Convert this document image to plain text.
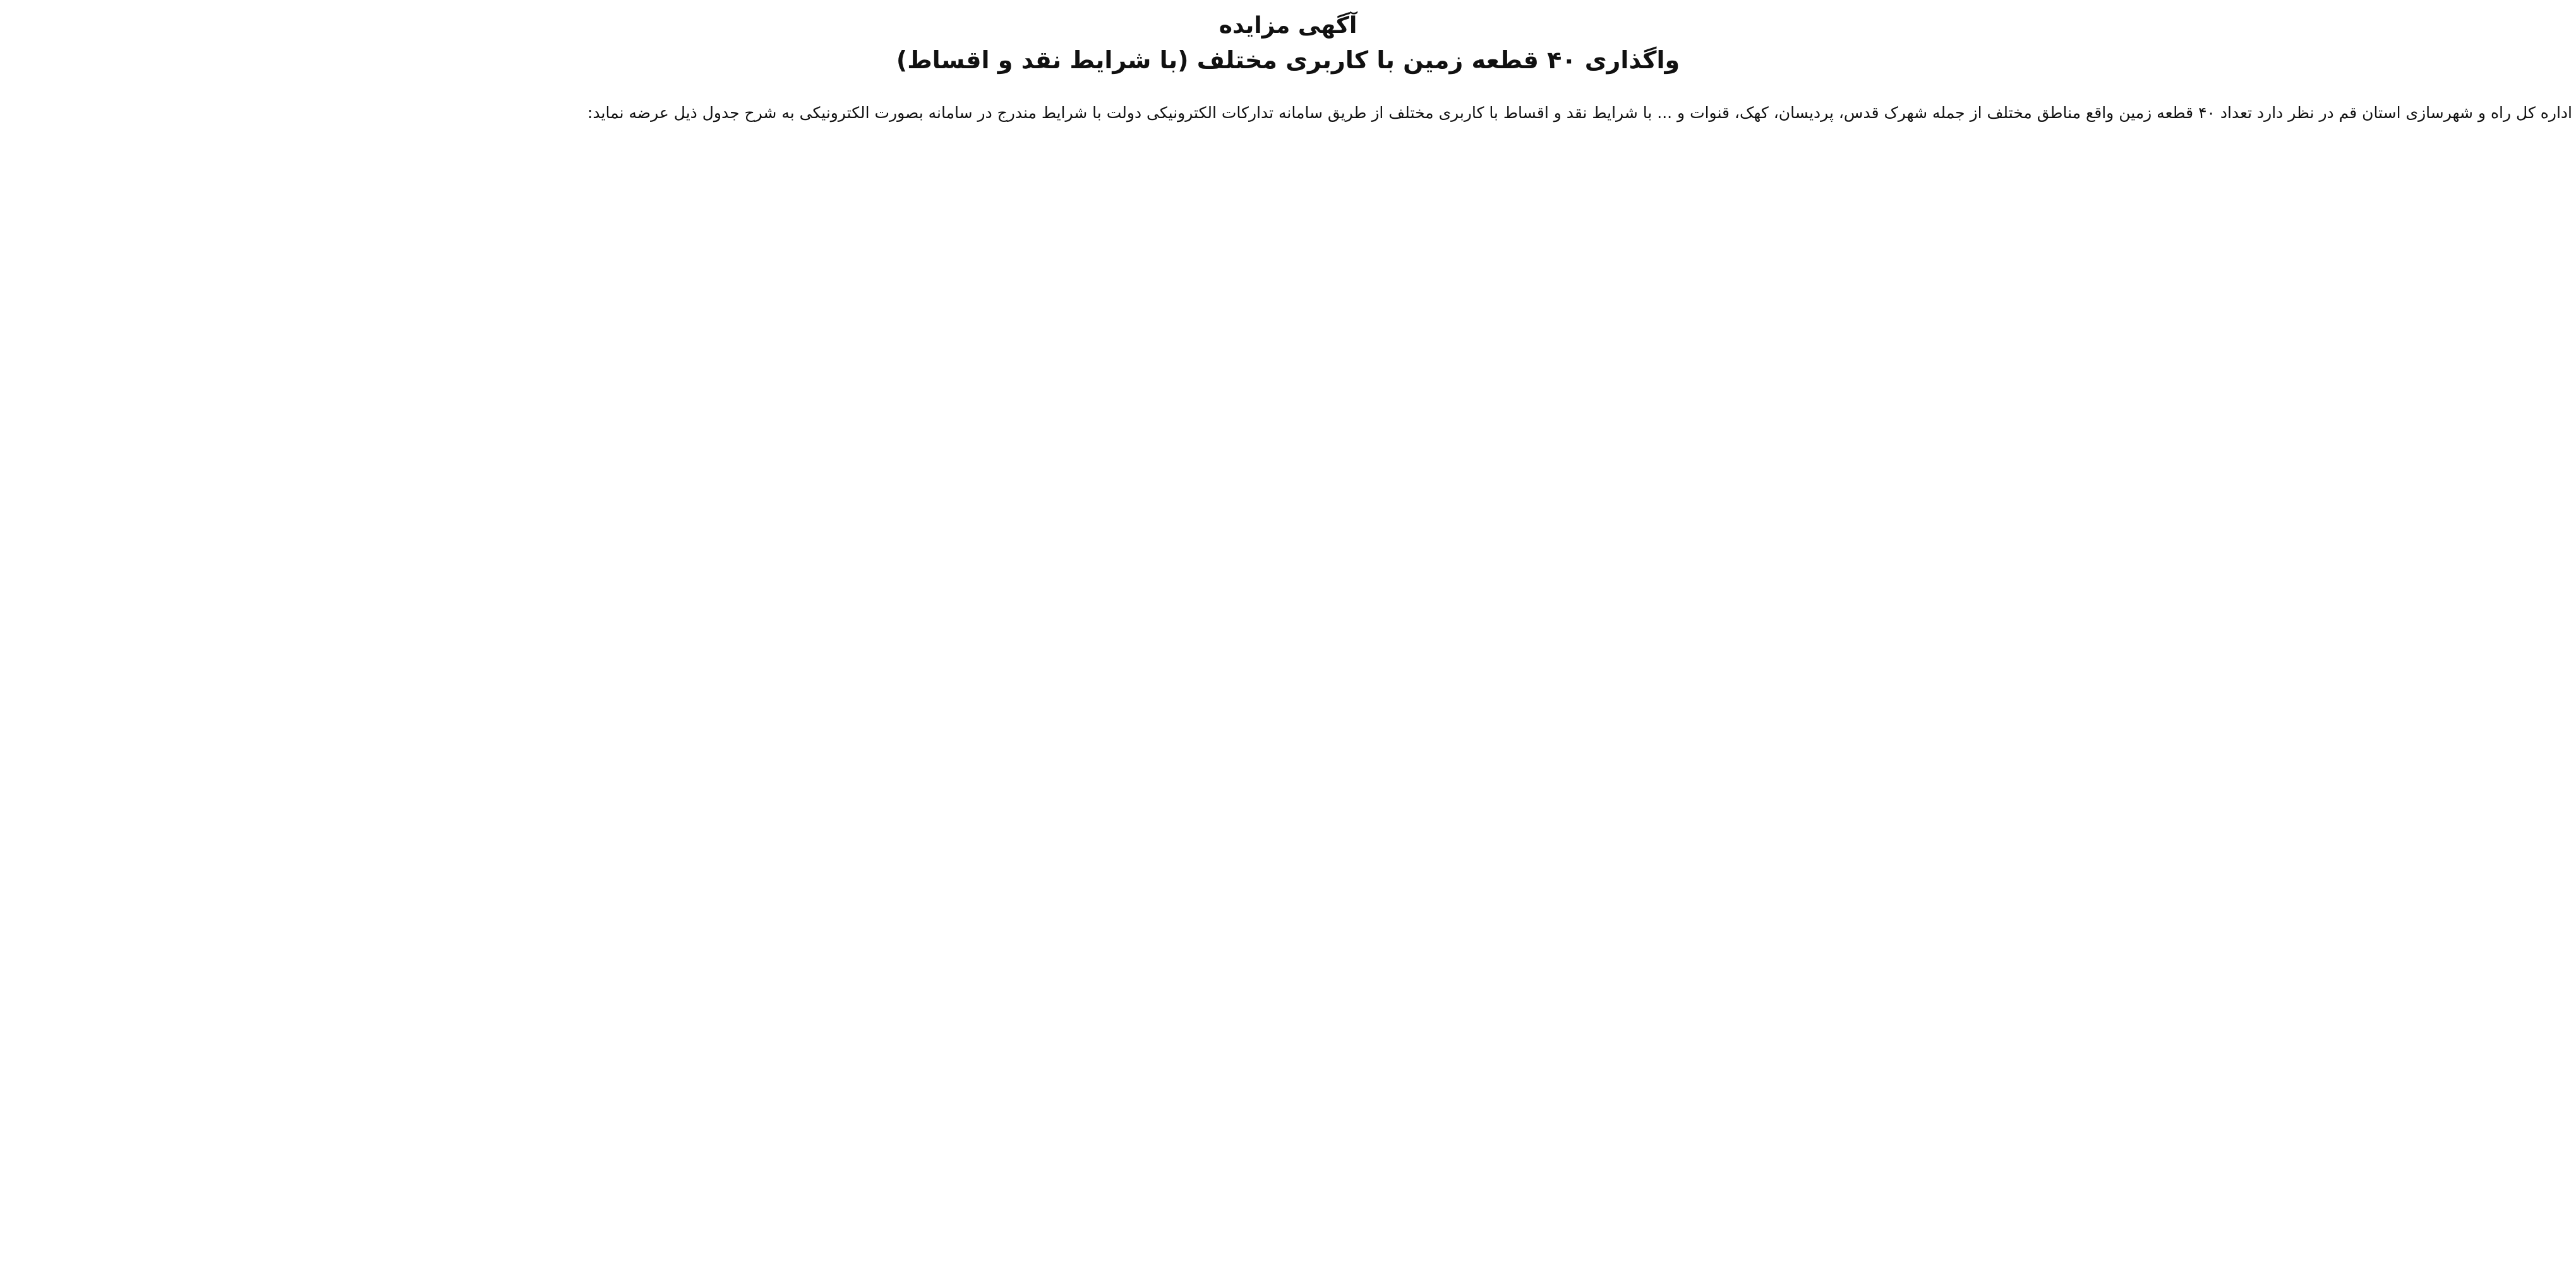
آگهی مزایده
واگذاری ۴۰ قطعه زمین با کاربری مختلف (با شرایط نقد و اقساط)
اداره کل راه و شهرسازی استان قم در نظر دارد تعداد ۴۰ قطعه زمین واقع مناطق مختلف از جمله شهرک قدس، پردیسان، کهک، قنوات و ... با شرایط نقد و اقساط با کاربری مختلف از طریق سامانه تدارکات الکترونیکی دولت با شرایط مندرج در سامانه بصورت الکترونیکی به شرح جدول ذیل عرضه نماید:
